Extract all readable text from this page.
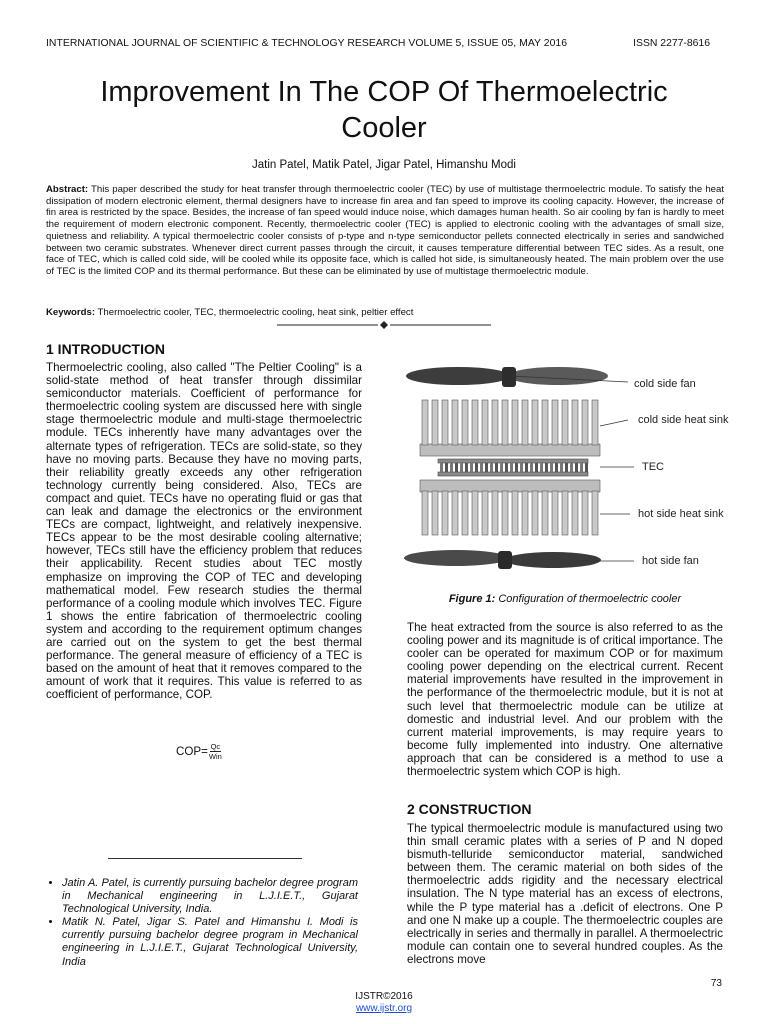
INTERNATIONAL JOURNAL OF SCIENTIFIC & TECHNOLOGY RESEARCH VOLUME 5, ISSUE 05, MAY 2016	ISSN 2277-8616
Improvement In The COP Of Thermoelectric
Cooler
Jatin Patel, Matik Patel, Jigar Patel, Himanshu Modi
Abstract: This paper described the study for heat transfer through thermoelectric cooler (TEC) by use of multistage thermoelectric module. To satisfy the heat dissipation of modern electronic element, thermal designers have to increase fin area and fan speed to improve its cooling capacity. However, the increase of fin area is restricted by the space. Besides, the increase of fan speed would induce noise, which damages human health. So air cooling by fan is hardly to meet the requirement of modern electronic component. Recently, thermoelectric cooler (TEC) is applied to electronic cooling with the advantages of small size, quietness and reliability. A typical thermoelectric cooler consists of p-type and n-type semiconductor pellets connected electrically in series and sandwiched between two ceramic substrates. Whenever direct current passes through the circuit, it causes temperature differential between TEC sides. As a result, one face of TEC, which is called cold side, will be cooled while its opposite face, which is called hot side, is simultaneously heated. The main problem over the use of TEC is the limited COP and its thermal performance. But these can be eliminated by use of multistage thermoelectric module.
Keywords: Thermoelectric cooler, TEC, thermoelectric cooling, heat sink, peltier effect
1 INTRODUCTION
Thermoelectric cooling, also called "The Peltier Cooling" is a solid-state method of heat transfer through dissimilar semiconductor materials. Coefficient of performance for thermoelectric cooling system are discussed here with single stage thermoelectric module and multi-stage thermoelectric module. TECs inherently have many advantages over the alternate types of refrigeration. TECs are solid-state, so they have no moving parts. Because they have no moving parts, their reliability greatly exceeds any other refrigeration technology currently being considered. Also, TECs are compact and quiet. TECs have no operating fluid or gas that can leak and damage the electronics or the environment TECs are compact, lightweight, and relatively inexpensive. TECs appear to be the most desirable cooling alternative; however, TECs still have the efficiency problem that reduces their applicability. Recent studies about TEC mostly emphasize on improving the COP of TEC and developing mathematical model. Few research studies the thermal performance of a cooling module which involves TEC. Figure 1 shows the entire fabrication of thermoelectric cooling system and according to the requirement optimum changes are carried out on the system to get the best thermal performance. The general measure of efficiency of a TEC is based on the amount of heat that it removes compared to the amount of work that it requires. This value is referred to as coefficient of performance, COP.
$COP= \frac{Qc}{\text{Win}}$
• Jatin A. Patel, is currently pursuing bachelor degree program in Mechanical engineering in L.J.I.E.T., Gujarat Technological University, India.
• Matik N. Patel, Jigar S. Patel and Himanshu I. Modi is currently pursuing bachelor degree program in Mechanical engineering in L.J.I.E.T., Gujarat Technological University, India
cold side fan
cold side heat sink
TEC
hot side heat sink
hot side fan
Figure 1: Configuration of thermoelectric cooler
The heat extracted from the source is also referred to as the cooling power and its magnitude is of critical importance. The cooler can be operated for maximum COP or for maximum cooling power depending on the electrical current. Recent material improvements have resulted in the improvement in the performance of the thermoelectric module, but it is not at such level that thermoelectric module can be utilize at domestic and industrial level. And our problem with the current material improvements, is may require years to become fully implemented into industry. One alternative approach that can be considered is a method to use a thermoelectric system which COP is high.
2 CONSTRUCTION
The typical thermoelectric module is manufactured using two thin small ceramic plates with a series of P and N doped bismuth-telluride semiconductor material, sandwiched between them. The ceramic material on both sides of the thermoelectric adds rigidity and the necessary electrical insulation. The N type material has an excess of electrons, while the P type material has a .deficit of electrons. One P and one N make up a couple. The thermoelectric couples are electrically in series and thermally in parallel. A thermoelectric module can contain one to several hundred couples. As the electrons move
73
IJSTR©2016
www.ijstr.org
